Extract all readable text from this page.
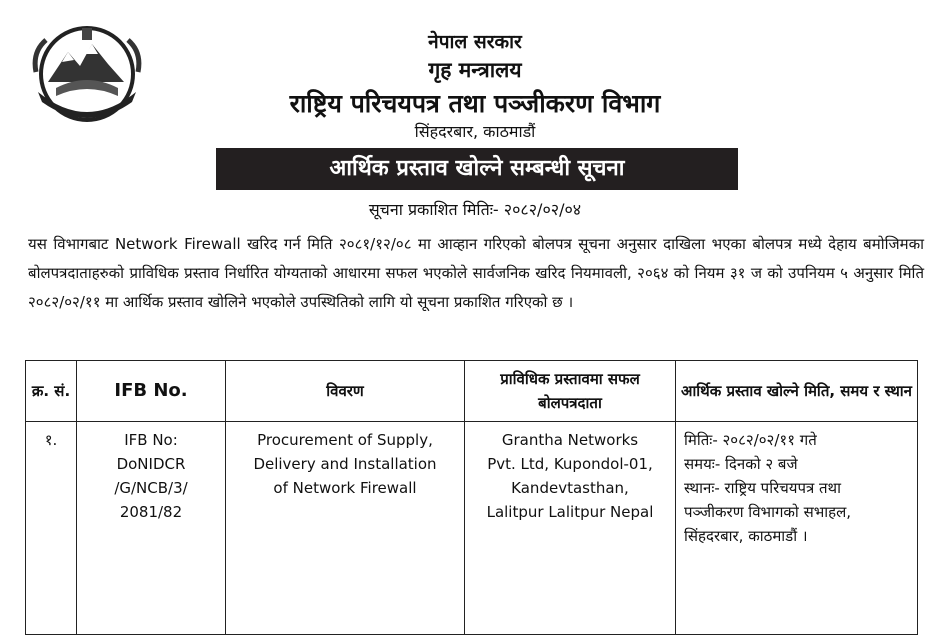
नेपाल सरकार
गृह मन्त्रालय
राष्ट्रिय परिचयपत्र तथा पञ्जीकरण विभाग
सिंहदरबार, काठमाडौं
आर्थिक प्रस्ताव खोल्ने सम्बन्धी सूचना
सूचना प्रकाशित मितिः- २०८२/०२/०४
यस विभागबाट Network Firewall खरिद गर्न मिति २०८१/१२/०८ मा आव्हान गरिएको बोलपत्र सूचना अनुसार दाखिला भएका बोलपत्र मध्ये देहाय बमोजिमका बोलपत्रदाताहरुको प्राविधिक प्रस्ताव निर्धारित योग्यताको आधारमा सफल भएकोले सार्वजनिक खरिद नियमावली, २०६४ को नियम ३१ ज को उपनियम ५ अनुसार मिति २०८२/०२/११ मा आर्थिक प्रस्ताव खोलिने भएकोले उपस्थितिको लागि यो सूचना प्रकाशित गरिएको छ ।
क्र. सं.	IFB No.	विवरण	प्राविधिक प्रस्तावमा सफल बोलपत्रदाता	आर्थिक प्रस्ताव खोल्ने मिति, समय र स्थान
१.	IFB No:
DoNIDCR
/G/NCB/3/
2081/82	Procurement of Supply,
Delivery and Installation
of Network Firewall	Grantha Networks
Pvt. Ltd, Kupondol-01,
Kandevtasthan,
Lalitpur Lalitpur Nepal	मितिः- २०८२/०२/११ गते
समयः- दिनको २ बजे
स्थानः- राष्ट्रिय परिचयपत्र तथा
पञ्जीकरण विभागको सभाहल,
सिंहदरबार, काठमाडौं ।
